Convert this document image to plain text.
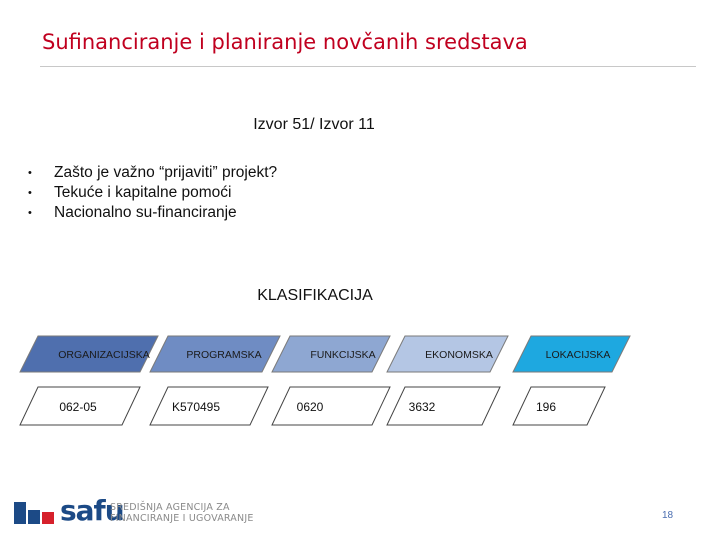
Sufinanciranje i planiranje novčanih sredstava
Izvor 51/ Izvor 11
• Zašto je važno “prijaviti” projekt?
• Tekuće i kapitalne pomoći
• Nacionalno su-financiranje
KLASIFIKACIJA
ORGANIZACIJSKA	PROGRAMSKA	FUNKCIJSKA	EKONOMSKA	LOKACIJSKA
062-05	K570495	0620	3632	196
safu
SREDIŠNJA AGENCIJA ZA
FINANCIRANJE I UGOVARANJE	18
